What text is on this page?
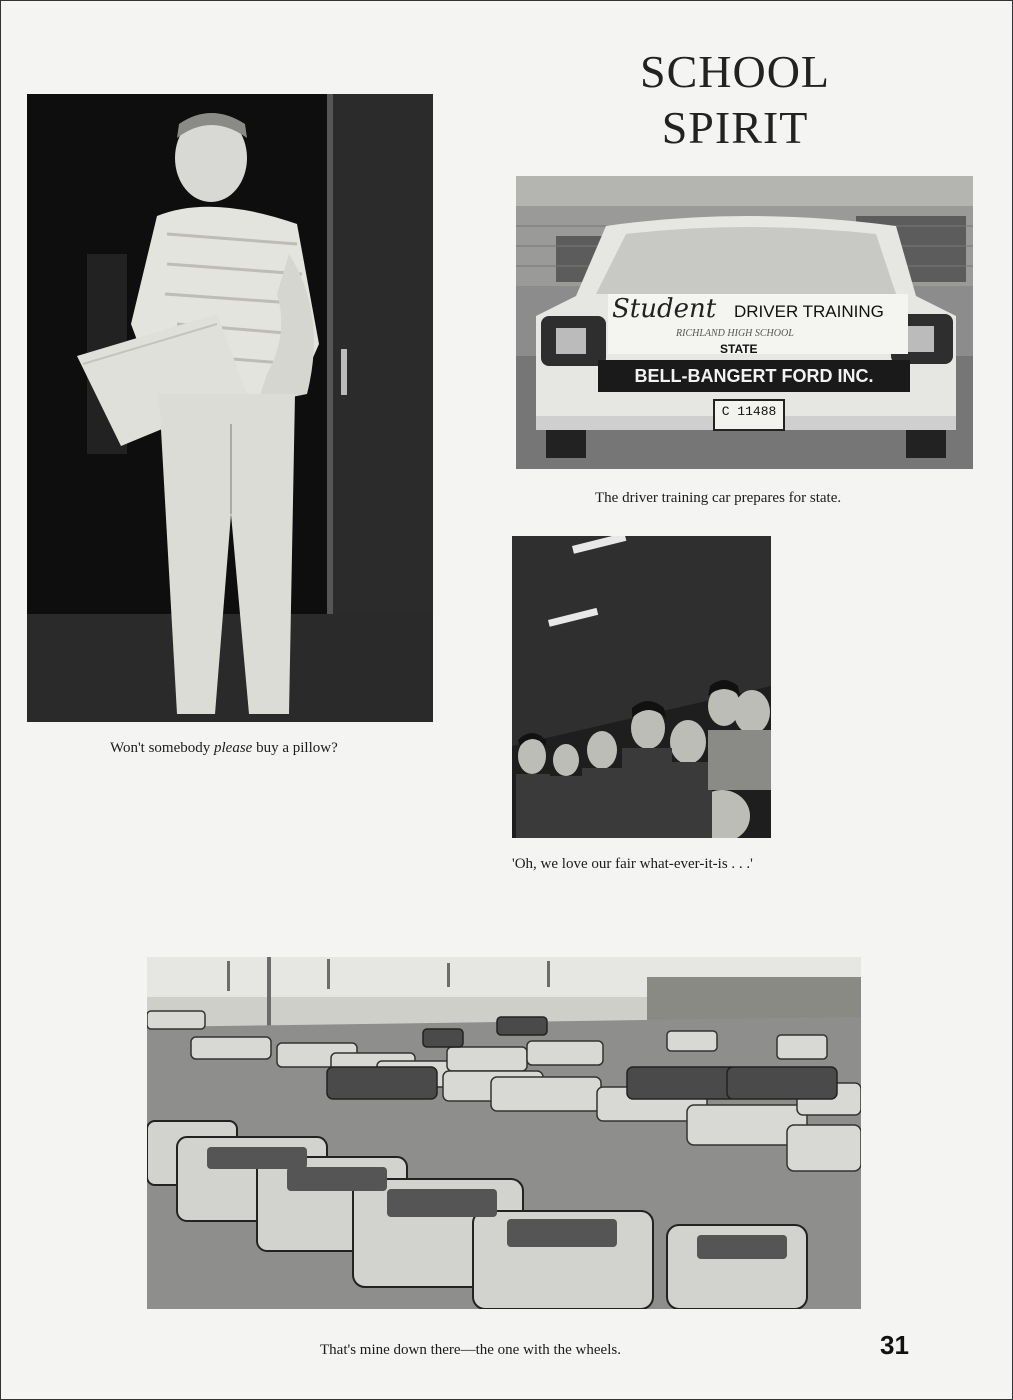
SCHOOL
SPIRIT
Won't somebody please buy a pillow?
Student DRIVER TRAINING
RICHLAND HIGH SCHOOL
STATE
BELL-BANGERT FORD INC.
C 11488
The driver training car prepares for state.
'Oh, we love our fair what-ever-it-is . . .'
That's mine down there—the one with the wheels.	31
